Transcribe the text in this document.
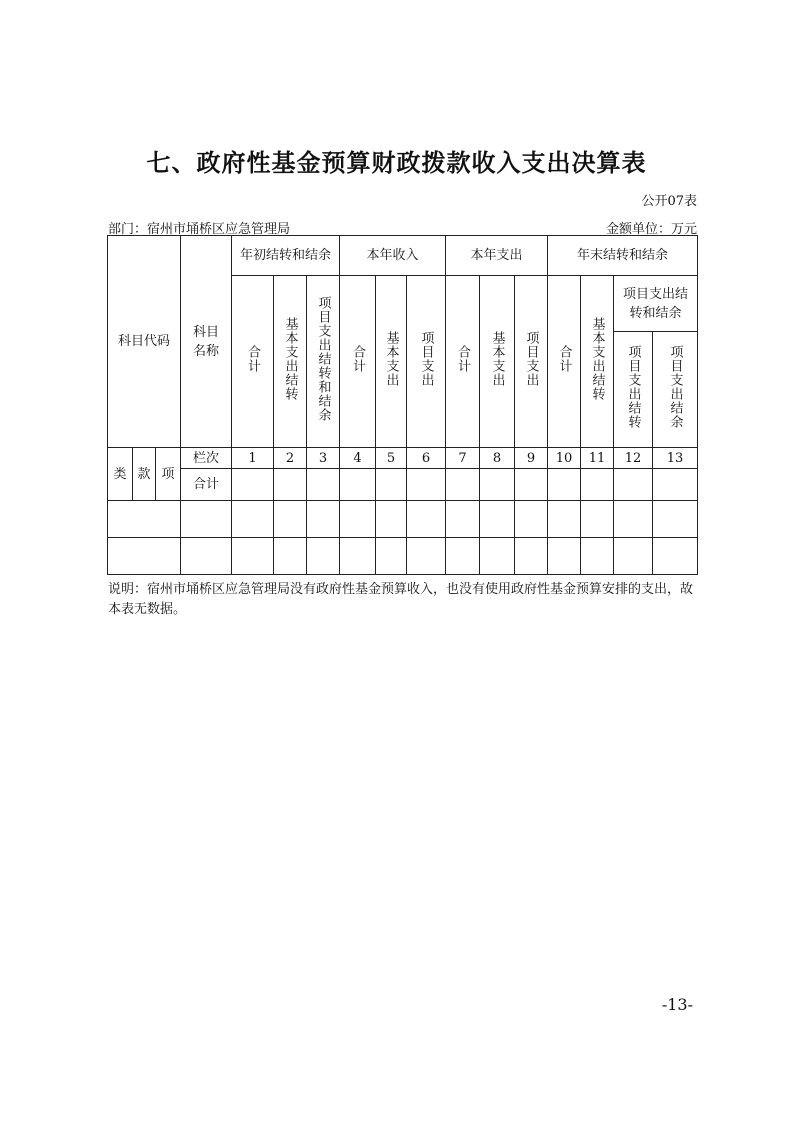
七、政府性基金预算财政拨款收入支出决算表
公开07表
部门：宿州市埇桥区应急管理局	金额单位：万元
科目代码			科目名称	年初结转和结余			本年收入			本年支出			年末结转和结余			
				合计	基本支出结转	项目支出结转和结余	合计	基本支出	项目支出	合计	基本支出	项目支出	合计	基本支出结转	项目支出结转和结余	
															项目支出结转	项目支出结余
类	款	项	栏次	1	2	3	4	5	6	7	8	9	10	11	12	13
			合计													

说明：宿州市埇桥区应急管理局没有政府性基金预算收入，也没有使用政府性基金预算安排的支出，故本表无数据。
-13-
